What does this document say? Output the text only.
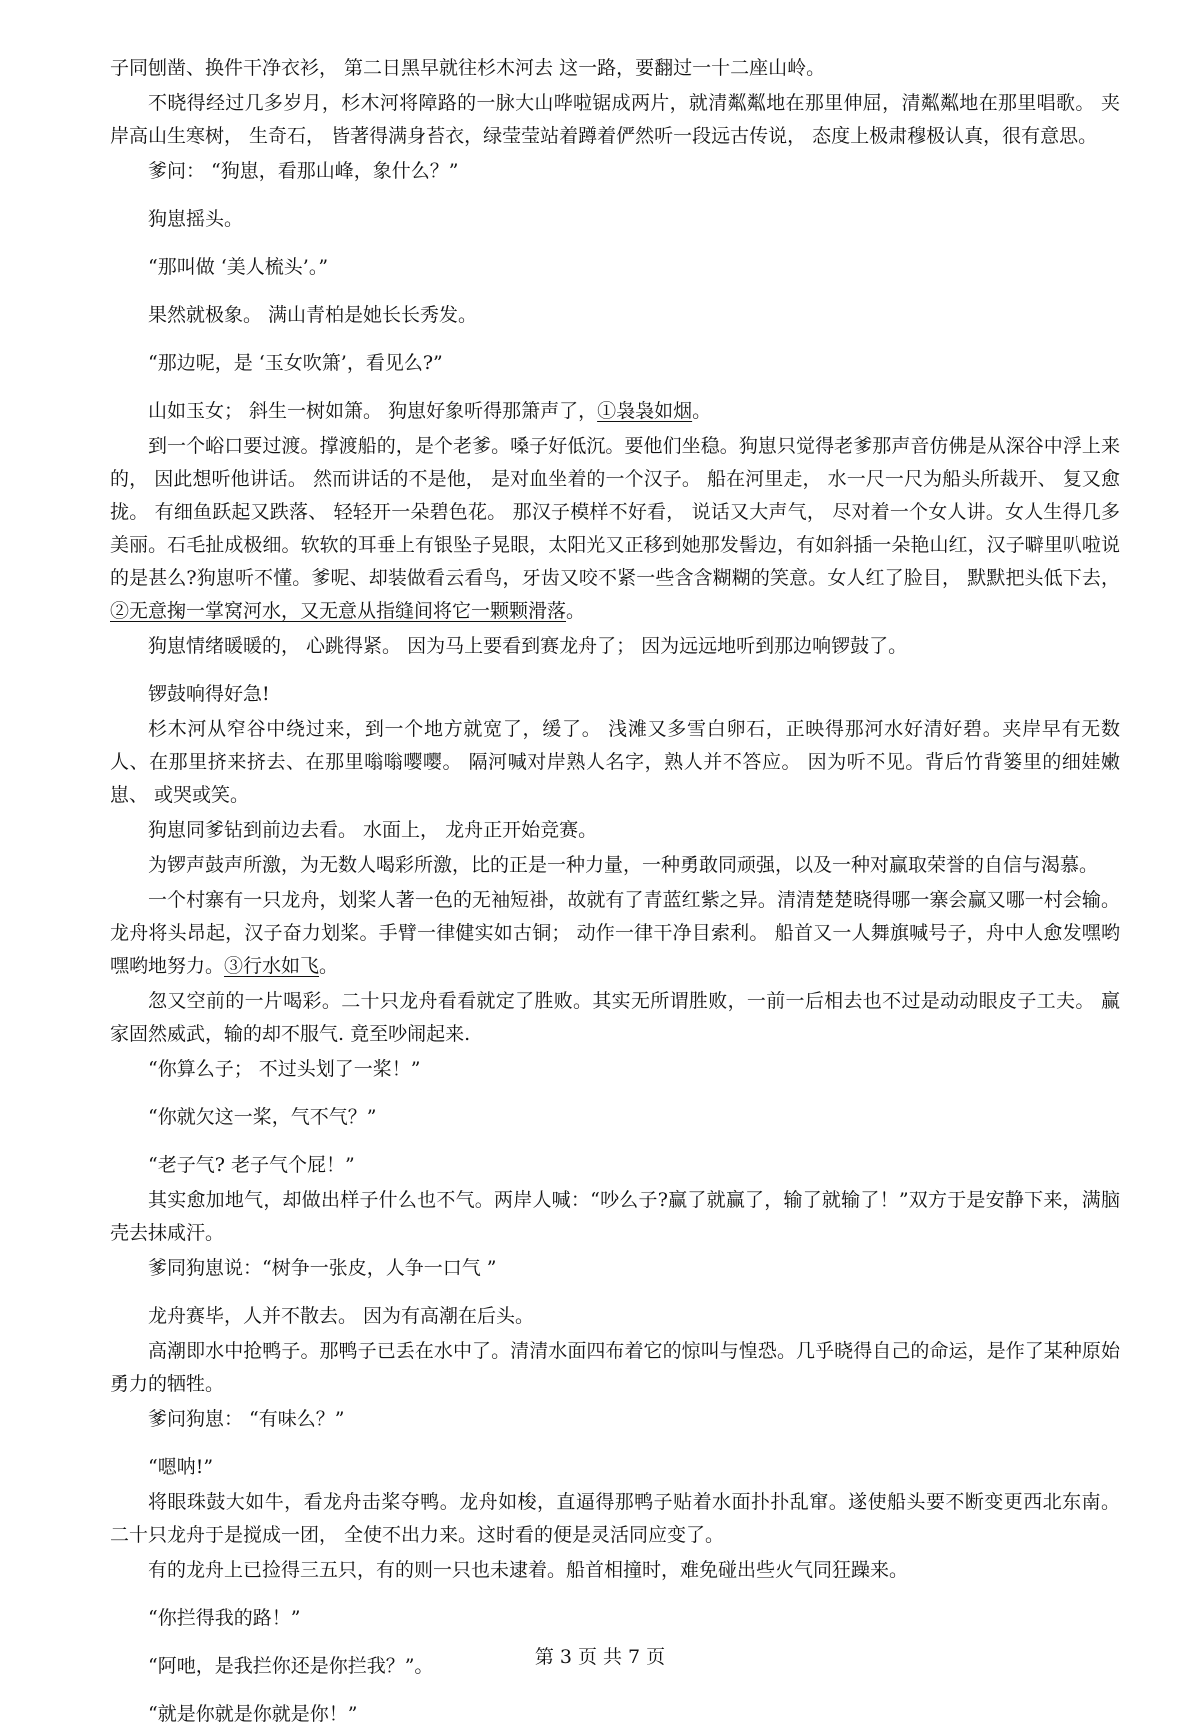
子同刨凿、换件干净衣衫， 第二日黑早就往杉木河去 这一路，要翻过一十二座山岭。

不晓得经过几多岁月，杉木河将障路的一脉大山哗啦锯成两片，就清粼粼地在那里伸屈，清粼粼地在那里唱歌。 夹岸高山生寒树， 生奇石， 皆著得满身苔衣，绿莹莹站着蹲着俨然听一段远古传说， 态度上极肃穆极认真，很有意思。

爹问： “狗崽，看那山峰，象什么？”

狗崽摇头。

“那叫做 ‘美人梳头’。”

果然就极象。 满山青柏是她长长秀发。

“那边呢，是 ‘玉女吹箫’，看见么?”

山如玉女； 斜生一树如箫。 狗崽好象听得那箫声了，①袅袅如烟。

到一个峪口要过渡。撑渡船的，是个老爹。嗓子好低沉。要他们坐稳。狗崽只觉得老爹那声音仿佛是从深谷中浮上来的， 因此想听他讲话。 然而讲话的不是他， 是对血坐着的一个汉子。 船在河里走， 水一尺一尺为船头所裁开、 复又愈拢。 有细鱼跃起又跌落、 轻轻开一朵碧色花。 那汉子模样不好看， 说话又大声气， 尽对着一个女人讲。女人生得几多美丽。石毛扯成极细。软软的耳垂上有银坠子晃眼，太阳光又正移到她那发髻边，有如斜插一朵艳山红，汉子噼里叭啦说的是甚么?狗崽听不懂。爹呢、却装做看云看鸟，牙齿又咬不紧一些含含糊糊的笑意。女人红了脸目， 默默把头低下去， ②无意掬一掌窝河水，又无意从指缝间将它一颗颗滑落。

狗崽情绪暖暖的， 心跳得紧。 因为马上要看到赛龙舟了； 因为远远地听到那边响锣鼓了。

锣鼓响得好急!

杉木河从窄谷中绕过来，到一个地方就宽了，缓了。 浅滩又多雪白卵石，正映得那河水好清好碧。夹岸早有无数人、在那里挤来挤去、在那里嗡嗡嘤嘤。 隔河喊对岸熟人名字，熟人并不答应。 因为听不见。背后竹背篓里的细娃嫩崽、 或哭或笑。

狗崽同爹钻到前边去看。 水面上， 龙舟正开始竞赛。

为锣声鼓声所激，为无数人喝彩所激，比的正是一种力量，一种勇敢同顽强，以及一种对赢取荣誉的自信与渴慕。

一个村寨有一只龙舟，划桨人著一色的无袖短褂，故就有了青蓝红紫之异。清清楚楚晓得哪一寨会赢又哪一村会输。龙舟将头昂起，汉子奋力划桨。手臂一律健实如古铜； 动作一律干净目索利。 船首又一人舞旗喊号子，舟中人愈发嘿哟嘿哟地努力。③行水如飞。

忽又空前的一片喝彩。二十只龙舟看看就定了胜败。其实无所谓胜败，一前一后相去也不过是动动眼皮子工夫。 赢家固然威武，输的却不服气. 竟至吵闹起来.

“你算么子； 不过头划了一桨！”

“你就欠这一桨，气不气？”

“老子气? 老子气个屁！”

其实愈加地气，却做出样子什么也不气。两岸人喊：“吵么子?赢了就赢了，输了就输了！”双方于是安静下来，满脑壳去抹咸汗。

爹同狗崽说：“树争一张皮，人争一口气 ”

龙舟赛毕，人并不散去。 因为有高潮在后头。

高潮即水中抢鸭子。那鸭子已丢在水中了。清清水面四布着它的惊叫与惶恐。几乎晓得自己的命运，是作了某种原始勇力的牺牲。

爹问狗崽： “有味么？”

“嗯呐!”

将眼珠鼓大如牛，看龙舟击桨夺鸭。龙舟如梭，直逼得那鸭子贴着水面扑扑乱窜。遂使船头要不断变更西北东南。 二十只龙舟于是搅成一团， 全使不出力来。这时看的便是灵活同应变了。

有的龙舟上已捡得三五只，有的则一只也未逮着。船首相撞时，难免碰出些火气同狂躁来。

“你拦得我的路！”

“阿吔，是我拦你还是你拦我？”。

“就是你就是你就是你！”

第 3 页 共 7 页
